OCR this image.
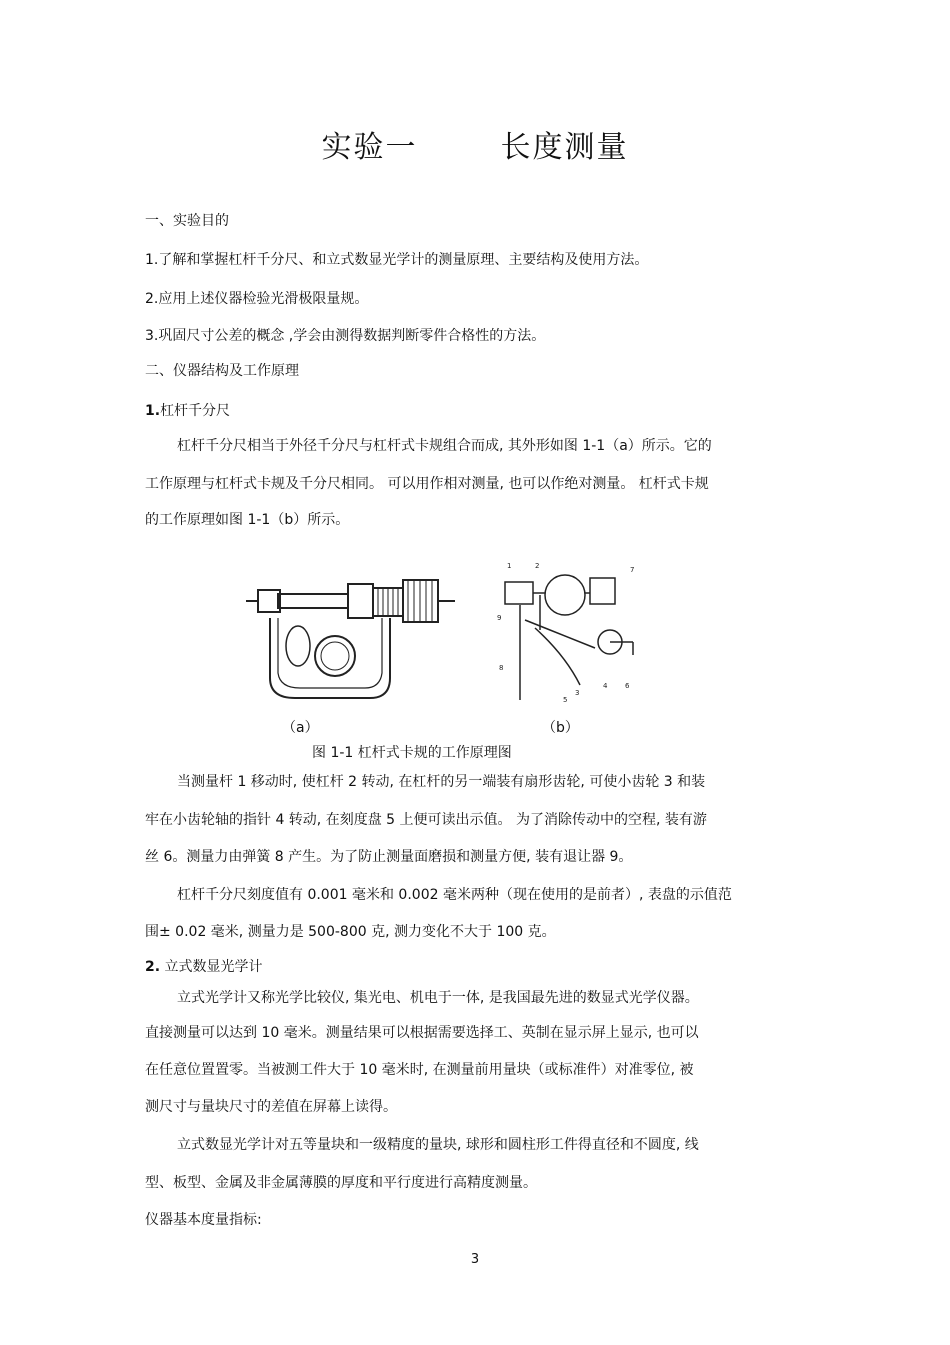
实验一	长度测量
一、实验目的
1.了解和掌握杠杆千分尺、和立式数显光学计的测量原理、主要结构及使用方法。
2.应用上述仪器检验光滑极限量规。
3.巩固尺寸公差的概念 ,学会由测得数据判断零件合格性的方法。
二、仪器结构及工作原理
1.杠杆千分尺
杠杆千分尺相当于外径千分尺与杠杆式卡规组合而成, 其外形如图 1-1（a）所示。它的
工作原理与杠杆式卡规及千分尺相同。 可以用作相对测量, 也可以作绝对测量。 杠杆式卡规
的工作原理如图 1-1（b）所示。
1	2
3
4
5
6
7
8
9
（a）	（b）
图 1-1 杠杆式卡规的工作原理图
当测量杆 1 移动时, 使杠杆 2 转动, 在杠杆的另一端装有扇形齿轮, 可使小齿轮 3 和装
牢在小齿轮轴的指针 4 转动, 在刻度盘 5 上便可读出示值。 为了消除传动中的空程, 装有游
丝 6。测量力由弹簧 8 产生。为了防止测量面磨损和测量方便, 装有退让器 9。
杠杆千分尺刻度值有 0.001 毫米和 0.002 毫米两种（现在使用的是前者）, 表盘的示值范
围± 0.02 毫米, 测量力是 500-800 克, 测力变化不大于 100 克。
2. 立式数显光学计
立式光学计又称光学比较仪, 集光电、机电于一体, 是我国最先进的数显式光学仪器。
直接测量可以达到 10 毫米。测量结果可以根据需要选择工、英制在显示屏上显示, 也可以
在任意位置置零。当被测工件大于 10 毫米时, 在测量前用量块（或标准件）对准零位, 被
测尺寸与量块尺寸的差值在屏幕上读得。
立式数显光学计对五等量块和一级精度的量块, 球形和圆柱形工件得直径和不圆度, 线
型、板型、金属及非金属薄膜的厚度和平行度进行高精度测量。
仪器基本度量指标:
3
